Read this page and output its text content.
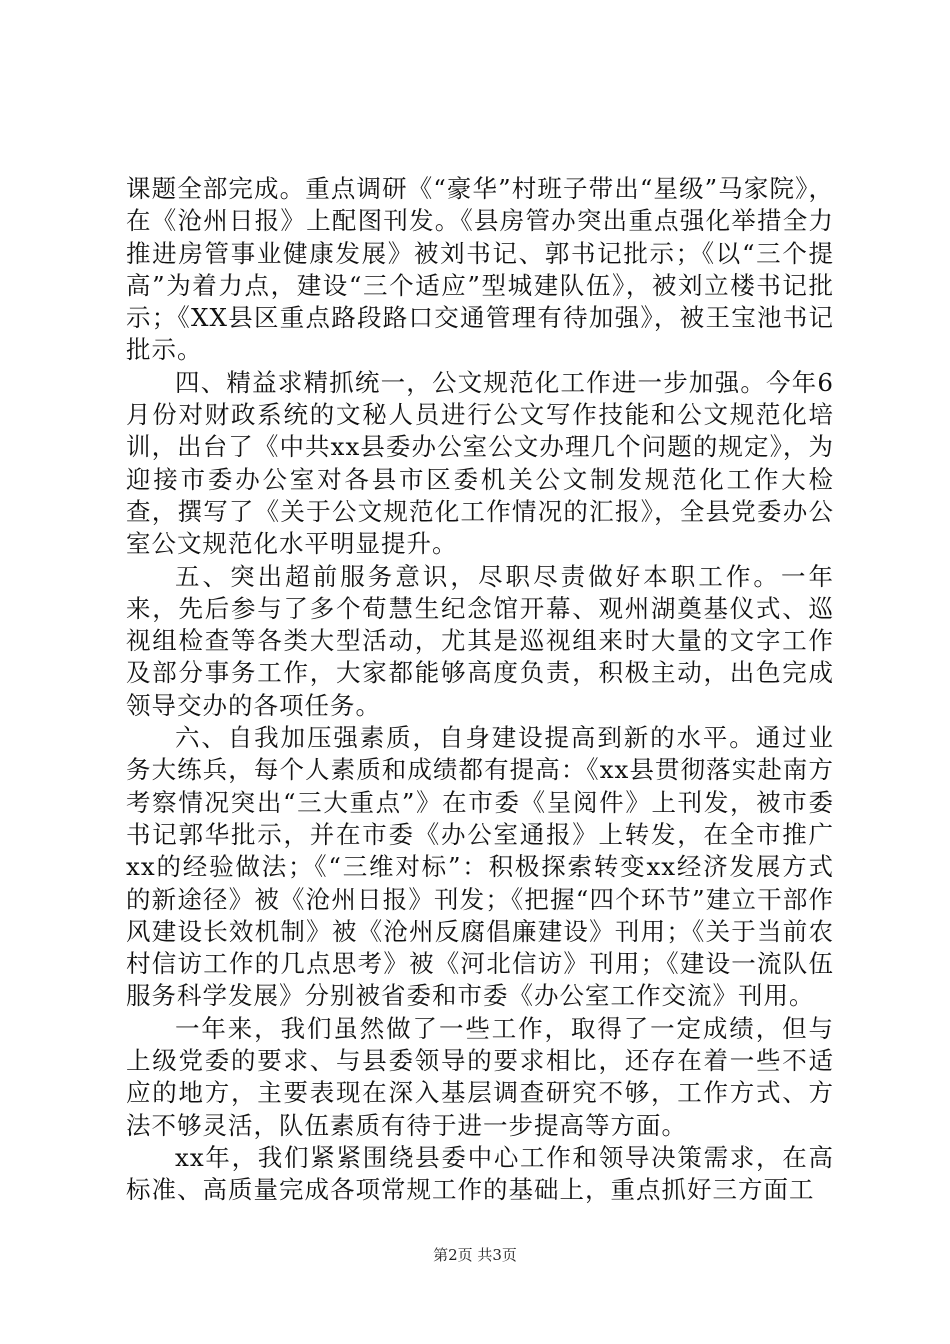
课题全部完成。重点调研《“豪华”村班子带出“星级”马家院》，在《沧州日报》上配图刊发。《县房管办突出重点强化举措全力推进房管事业健康发展》被刘书记、郭书记批示；《以“三个提高”为着力点，建设“三个适应”型城建队伍》，被刘立楼书记批示；《XX县区重点路段路口交通管理有待加强》，被王宝池书记批示。

四、精益求精抓统一，公文规范化工作进一步加强。今年6月份对财政系统的文秘人员进行公文写作技能和公文规范化培训，出台了《中共xx县委办公室公文办理几个问题的规定》，为迎接市委办公室对各县市区委机关公文制发规范化工作大检查，撰写了《关于公文规范化工作情况的汇报》，全县党委办公室公文规范化水平明显提升。

五、突出超前服务意识，尽职尽责做好本职工作。一年来，先后参与了多个荀慧生纪念馆开幕、观州湖奠基仪式、巡视组检查等各类大型活动，尤其是巡视组来时大量的文字工作及部分事务工作，大家都能够高度负责，积极主动，出色完成领导交办的各项任务。

六、自我加压强素质，自身建设提高到新的水平。通过业务大练兵，每个人素质和成绩都有提高：《xx县贯彻落实赴南方考察情况突出“三大重点”》在市委《呈阅件》上刊发，被市委书记郭华批示，并在市委《办公室通报》上转发，在全市推广xx的经验做法；《“三维对标”：积极探索转变xx经济发展方式的新途径》被《沧州日报》刊发；《把握“四个环节”建立干部作风建设长效机制》被《沧州反腐倡廉建设》刊用；《关于当前农村信访工作的几点思考》被《河北信访》刊用；《建设一流队伍服务科学发展》分别被省委和市委《办公室工作交流》刊用。

一年来，我们虽然做了一些工作，取得了一定成绩，但与上级党委的要求、与县委领导的要求相比，还存在着一些不适应的地方，主要表现在深入基层调查研究不够，工作方式、方法不够灵活，队伍素质有待于进一步提高等方面。

xx年，我们紧紧围绕县委中心工作和领导决策需求，在高标准、高质量完成各项常规工作的基础上，重点抓好三方面工

第2页 共3页
